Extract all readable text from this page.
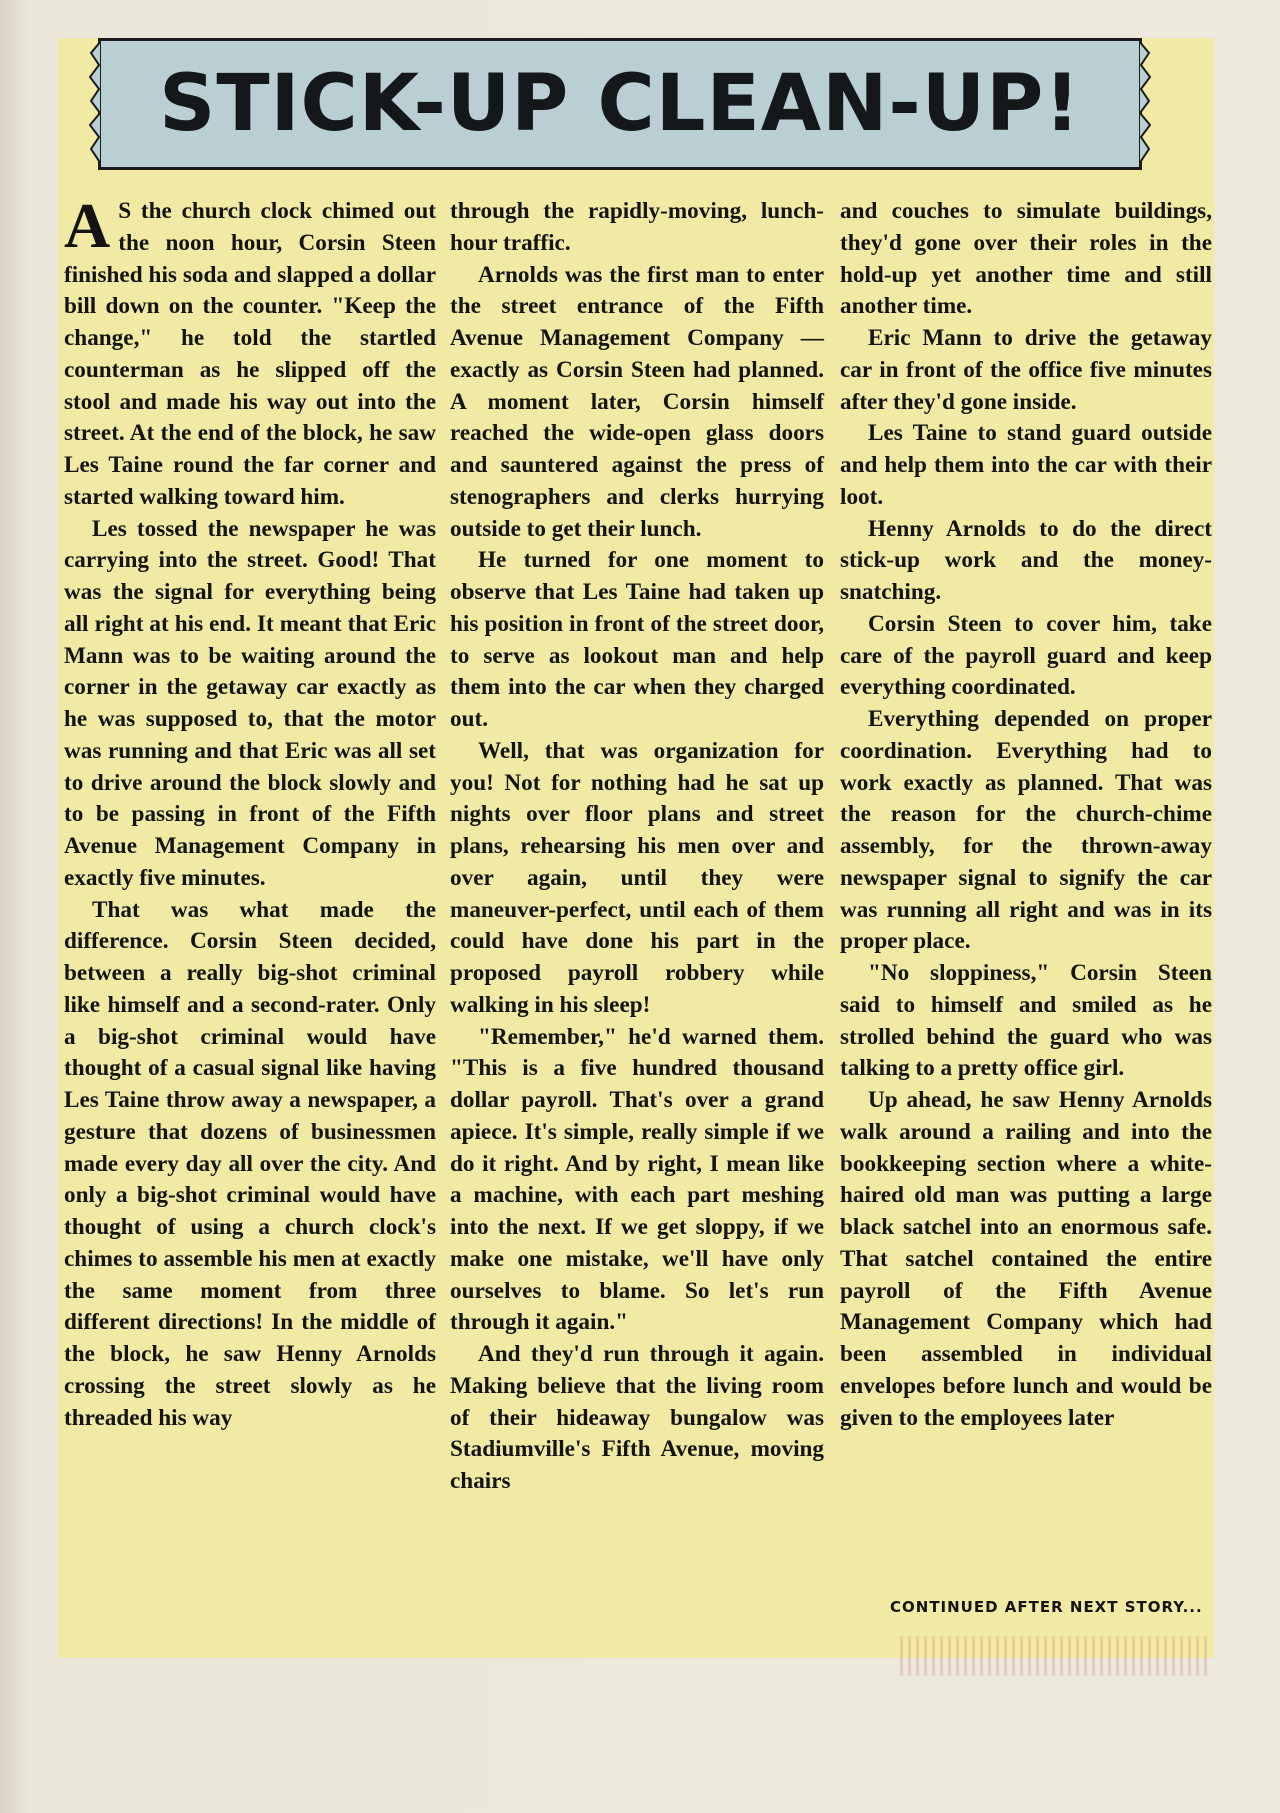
STICK-UP CLEAN-UP!

A S the church clock chimed out the noon hour, Corsin Steen finished his soda and slapped a dollar bill down on the counter. "Keep the change," he told the startled counterman as he slipped off the stool and made his way out into the street. At the end of the block, he saw Les Taine round the far corner and started walking toward him.

Les tossed the newspaper he was carrying into the street. Good! That was the signal for everything being all right at his end. It meant that Eric Mann was to be waiting around the corner in the getaway car exactly as he was supposed to, that the motor was running and that Eric was all set to drive around the block slowly and to be passing in front of the Fifth Avenue Management Company in exactly five minutes.

That was what made the difference. Corsin Steen decided, between a really big-shot criminal like himself and a second-rater. Only a big-shot criminal would have thought of a casual signal like having Les Taine throw away a newspaper, a gesture that dozens of businessmen made every day all over the city. And only a big-shot criminal would have thought of using a church clock's chimes to assemble his men at exactly the same moment from three different directions! In the middle of the block, he saw Henny Arnolds crossing the street slowly as he threaded his way

through the rapidly-moving, lunch-hour traffic.

Arnolds was the first man to enter the street entrance of the Fifth Avenue Management Company — exactly as Corsin Steen had planned. A moment later, Corsin himself reached the wide-open glass doors and sauntered against the press of stenographers and clerks hurrying outside to get their lunch.

He turned for one moment to observe that Les Taine had taken up his position in front of the street door, to serve as lookout man and help them into the car when they charged out.

Well, that was organization for you! Not for nothing had he sat up nights over floor plans and street plans, rehearsing his men over and over again, until they were maneuver-perfect, until each of them could have done his part in the proposed payroll robbery while walking in his sleep!

"Remember," he'd warned them. "This is a five hundred thousand dollar payroll. That's over a grand apiece. It's simple, really simple if we do it right. And by right, I mean like a machine, with each part meshing into the next. If we get sloppy, if we make one mistake, we'll have only ourselves to blame. So let's run through it again."

And they'd run through it again. Making believe that the living room of their hideaway bungalow was Stadiumville's Fifth Avenue, moving chairs

and couches to simulate buildings, they'd gone over their roles in the hold-up yet another time and still another time.

Eric Mann to drive the getaway car in front of the office five minutes after they'd gone inside.

Les Taine to stand guard outside and help them into the car with their loot.

Henny Arnolds to do the direct stick-up work and the money-snatching.

Corsin Steen to cover him, take care of the payroll guard and keep everything coordinated.

Everything depended on proper coordination. Everything had to work exactly as planned. That was the reason for the church-chime assembly, for the thrown-away newspaper signal to signify the car was running all right and was in its proper place.

"No sloppiness," Corsin Steen said to himself and smiled as he strolled behind the guard who was talking to a pretty office girl.

Up ahead, he saw Henny Arnolds walk around a railing and into the bookkeeping section where a white-haired old man was putting a large black satchel into an enormous safe. That satchel contained the entire payroll of the Fifth Avenue Management Company which had been assembled in individual envelopes before lunch and would be given to the employees later

CONTINUED AFTER NEXT STORY...
